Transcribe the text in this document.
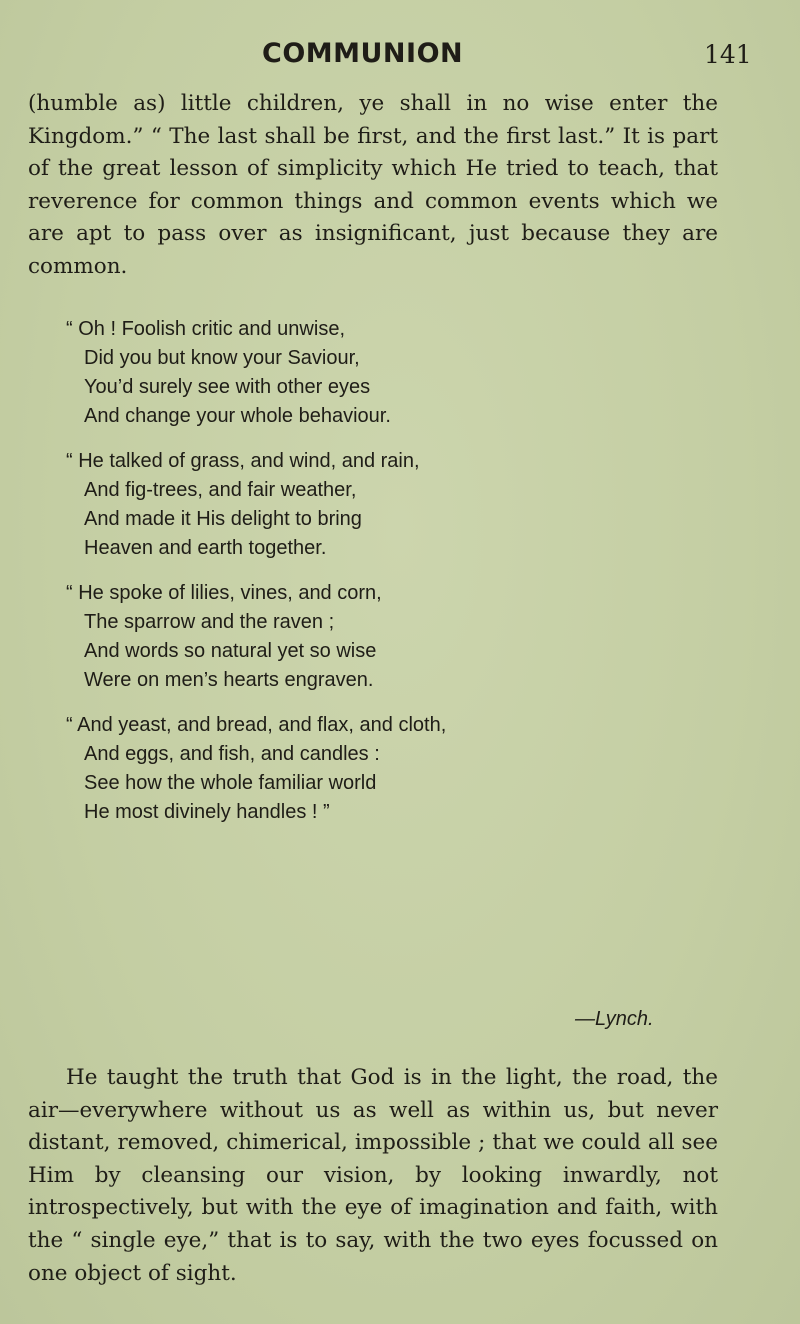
COMMUNION	141

(humble as) little children, ye shall in no wise enter the Kingdom.” “ The last shall be first, and the first last.” It is part of the great lesson of simplicity which He tried to teach, that reverence for common things and common events which we are apt to pass over as insignificant, just because they are common.

“ Oh ! Foolish critic and unwise,
Did you but know your Saviour,
You’d surely see with other eyes
And change your whole behaviour.
“ He talked of grass, and wind, and rain,
And fig-trees, and fair weather,
And made it His delight to bring
Heaven and earth together.
“ He spoke of lilies, vines, and corn,
The sparrow and the raven ;
And words so natural yet so wise
Were on men’s hearts engraven.
“ And yeast, and bread, and flax, and cloth,
And eggs, and fish, and candles :
See how the whole familiar world
He most divinely handles ! ”
—Lynch.

He taught the truth that God is in the light, the road, the air—everywhere without us as well as within us, but never distant, removed, chimerical, impossible ; that we could all see Him by cleansing our vision, by looking inwardly, not introspectively, but with the eye of imagination and faith, with the “ single eye,” that is to say, with the two eyes focussed on one object of sight.
